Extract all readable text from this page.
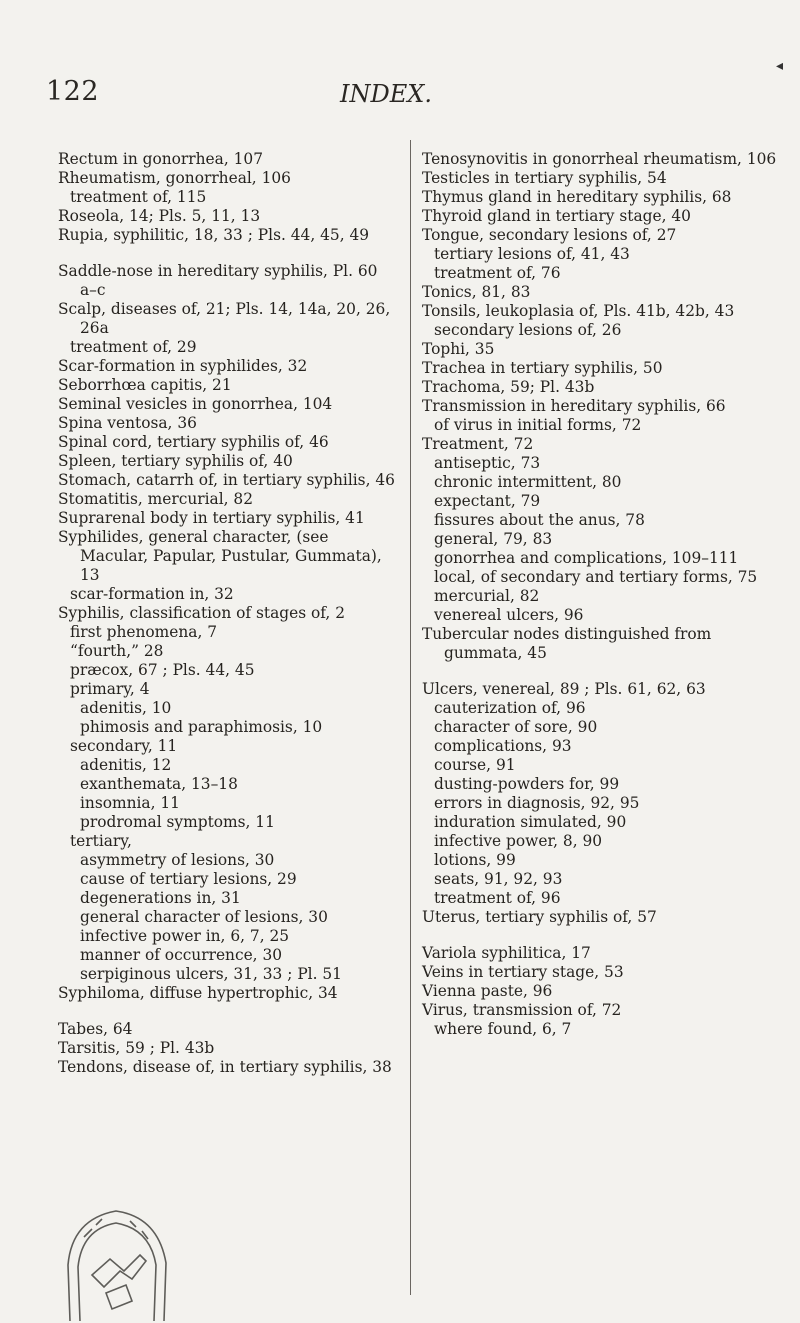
122	INDEX.
◂
Rectum in gonorrhea, 107
Rheumatism, gonorrheal, 106
treatment of, 115
Roseola, 14; Pls. 5, 11, 13
Rupia, syphilitic, 18, 33 ; Pls. 44, 45, 49
Saddle-nose in hereditary syphilis, Pl. 60 a–c
Scalp, diseases of, 21; Pls. 14, 14a, 20, 26, 26a
treatment of, 29
Scar-formation in syphilides, 32
Seborrhœa capitis, 21
Seminal vesicles in gonorrhea, 104
Spina ventosa, 36
Spinal cord, tertiary syphilis of, 46
Spleen, tertiary syphilis of, 40
Stomach, catarrh of, in tertiary syphilis, 46
Stomatitis, mercurial, 82
Suprarenal body in tertiary syphilis, 41
Syphilides, general character, (see Macular, Papular, Pustular, Gummata), 13
scar-formation in, 32
Syphilis, classification of stages of, 2
first phenomena, 7
“fourth,” 28
præcox, 67 ; Pls. 44, 45
primary, 4
adenitis, 10
phimosis and paraphimosis, 10
secondary, 11
adenitis, 12
exanthemata, 13–18
insomnia, 11
prodromal symptoms, 11
tertiary,
asymmetry of lesions, 30
cause of tertiary lesions, 29
degenerations in, 31
general character of lesions, 30
infective power in, 6, 7, 25
manner of occurrence, 30
serpiginous ulcers, 31, 33 ; Pl. 51
Syphiloma, diffuse hypertrophic, 34
Tabes, 64
Tarsitis, 59 ; Pl. 43b
Tendons, disease of, in tertiary syphilis, 38
Tenosynovitis in gonorrheal rheumatism, 106
Testicles in tertiary syphilis, 54
Thymus gland in hereditary syphilis, 68
Thyroid gland in tertiary stage, 40
Tongue, secondary lesions of, 27
tertiary lesions of, 41, 43
treatment of, 76
Tonics, 81, 83
Tonsils, leukoplasia of, Pls. 41b, 42b, 43
secondary lesions of, 26
Tophi, 35
Trachea in tertiary syphilis, 50
Trachoma, 59; Pl. 43b
Transmission in hereditary syphilis, 66
of virus in initial forms, 72
Treatment, 72
antiseptic, 73
chronic intermittent, 80
expectant, 79
fissures about the anus, 78
general, 79, 83
gonorrhea and complications, 109–111
local, of secondary and tertiary forms, 75
mercurial, 82
venereal ulcers, 96
Tubercular nodes distinguished from gummata, 45
Ulcers, venereal, 89 ; Pls. 61, 62, 63
cauterization of, 96
character of sore, 90
complications, 93
course, 91
dusting-powders for, 99
errors in diagnosis, 92, 95
induration simulated, 90
infective power, 8, 90
lotions, 99
seats, 91, 92, 93
treatment of, 96
Uterus, tertiary syphilis of, 57
Variola syphilitica, 17
Veins in tertiary stage, 53
Vienna paste, 96
Virus, transmission of, 72
where found, 6, 7
